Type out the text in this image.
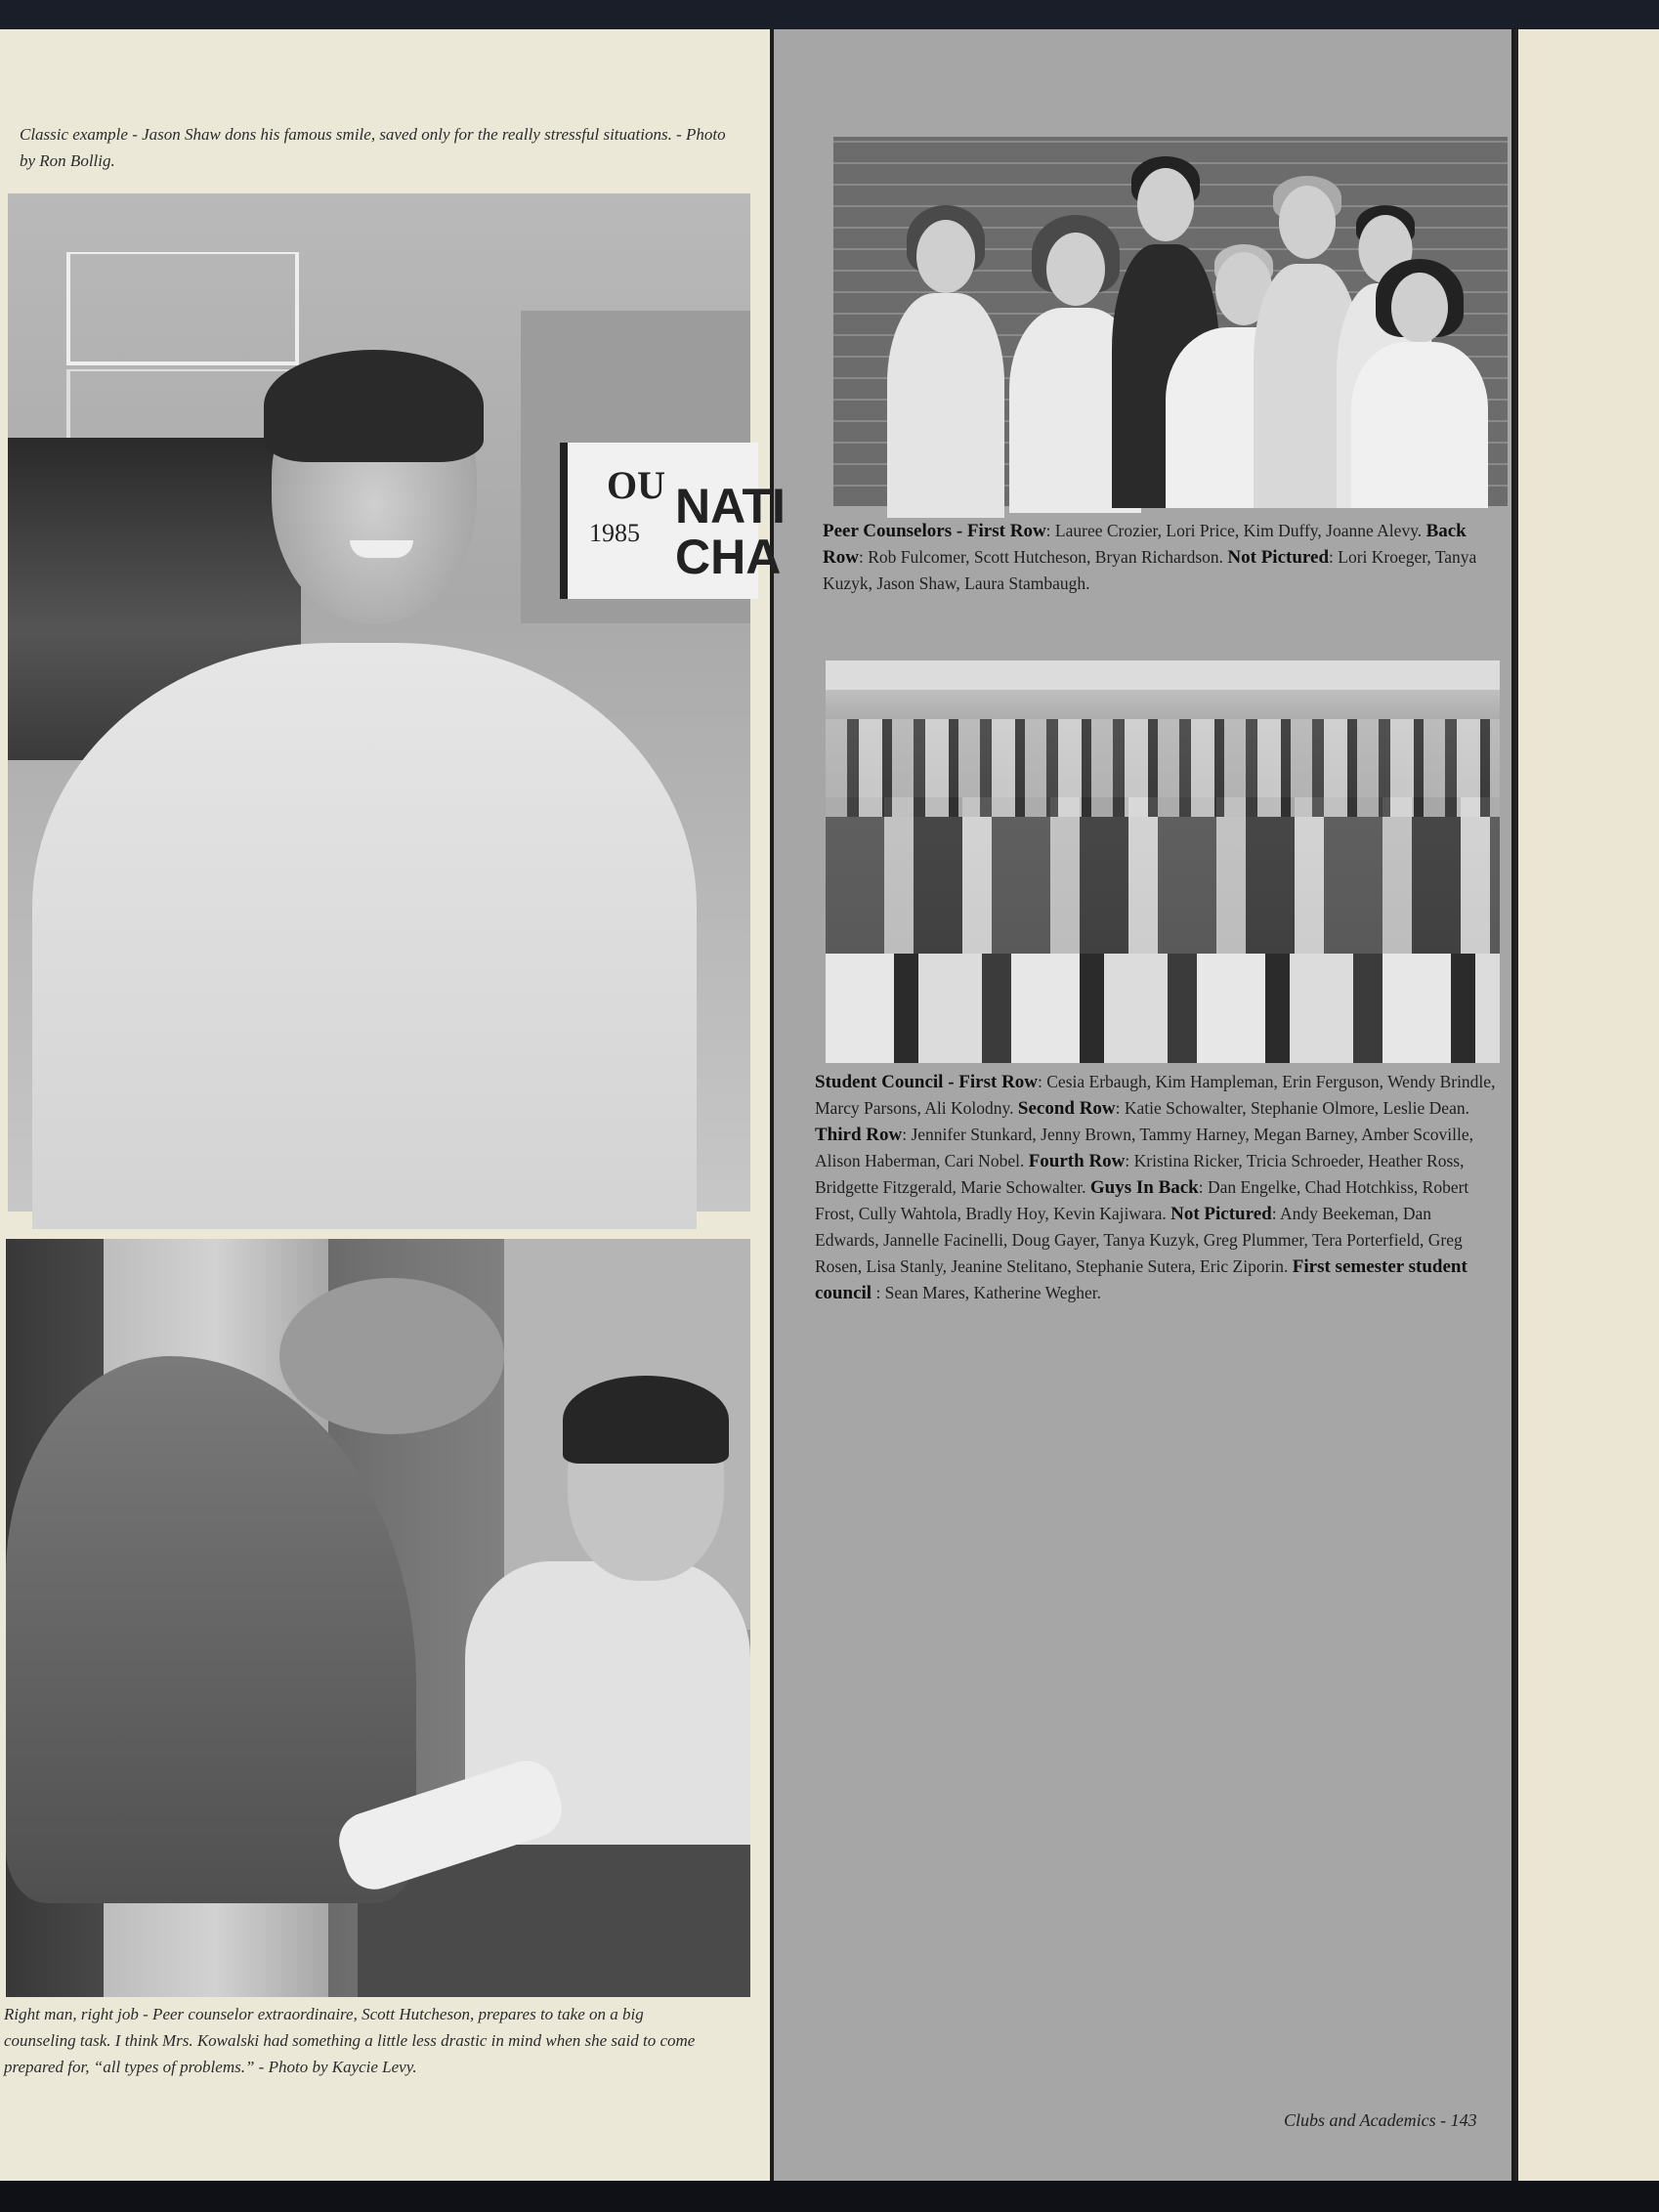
Classic example - Jason Shaw dons his famous smile, saved only for the really stressful situations. - Photo by Ron Bollig.
OU
1985 NATI
CHA
Right man, right job - Peer counselor extraordinaire, Scott Hutcheson, prepares to take on a big counseling task. I think Mrs. Kowalski had something a little less drastic in mind when she said to come prepared for, “all types of problems.” - Photo by Kaycie Levy.
Peer Counselors - First Row: Lauree Crozier, Lori Price, Kim Duffy, Joanne Alevy. Back Row: Rob Fulcomer, Scott Hutcheson, Bryan Richardson. Not Pictured: Lori Kroeger, Tanya Kuzyk, Jason Shaw, Laura Stambaugh.
Student Council - First Row: Cesia Erbaugh, Kim Hampleman, Erin Ferguson, Wendy Brindle, Marcy Parsons, Ali Kolodny. Second Row: Katie Schowalter, Stephanie Olmore, Leslie Dean. Third Row: Jennifer Stunkard, Jenny Brown, Tammy Harney, Megan Barney, Amber Scoville, Alison Haberman, Cari Nobel. Fourth Row: Kristina Ricker, Tricia Schroeder, Heather Ross, Bridgette Fitzgerald, Marie Schowalter. Guys In Back: Dan Engelke, Chad Hotchkiss, Robert Frost, Cully Wahtola, Bradly Hoy, Kevin Kajiwara. Not Pictured: Andy Beekeman, Dan Edwards, Jannelle Facinelli, Doug Gayer, Tanya Kuzyk, Greg Plummer, Tera Porterfield, Greg Rosen, Lisa Stanly, Jeanine Stelitano, Stephanie Sutera, Eric Ziporin. First semester student council : Sean Mares, Katherine Wegher.
Clubs and Academics - 143
